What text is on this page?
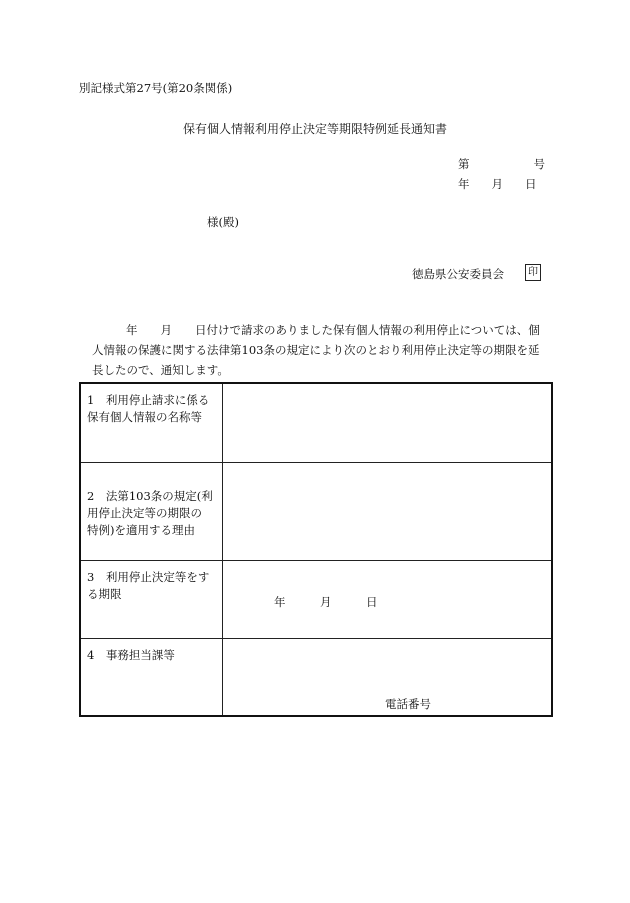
別記様式第27号(第20条関係)
保有個人情報利用停止決定等期限特例延長通知書
第	号
年 月 日
様(殿)
徳島県公安委員会	印
年　　月　　日付けで請求のありました保有個人情報の利用停止については、個
人情報の保護に関する法律第103条の規定により次のとおり利用停止決定等の期限を延
長したので、通知します。
1　利用停止請求に係る
保有個人情報の名称等
2　法第103条の規定(利
用停止決定等の期限の
特例)を適用する理由
3　利用停止決定等をす
る期限
年　　　月　　　日
4　事務担当課等
電話番号
